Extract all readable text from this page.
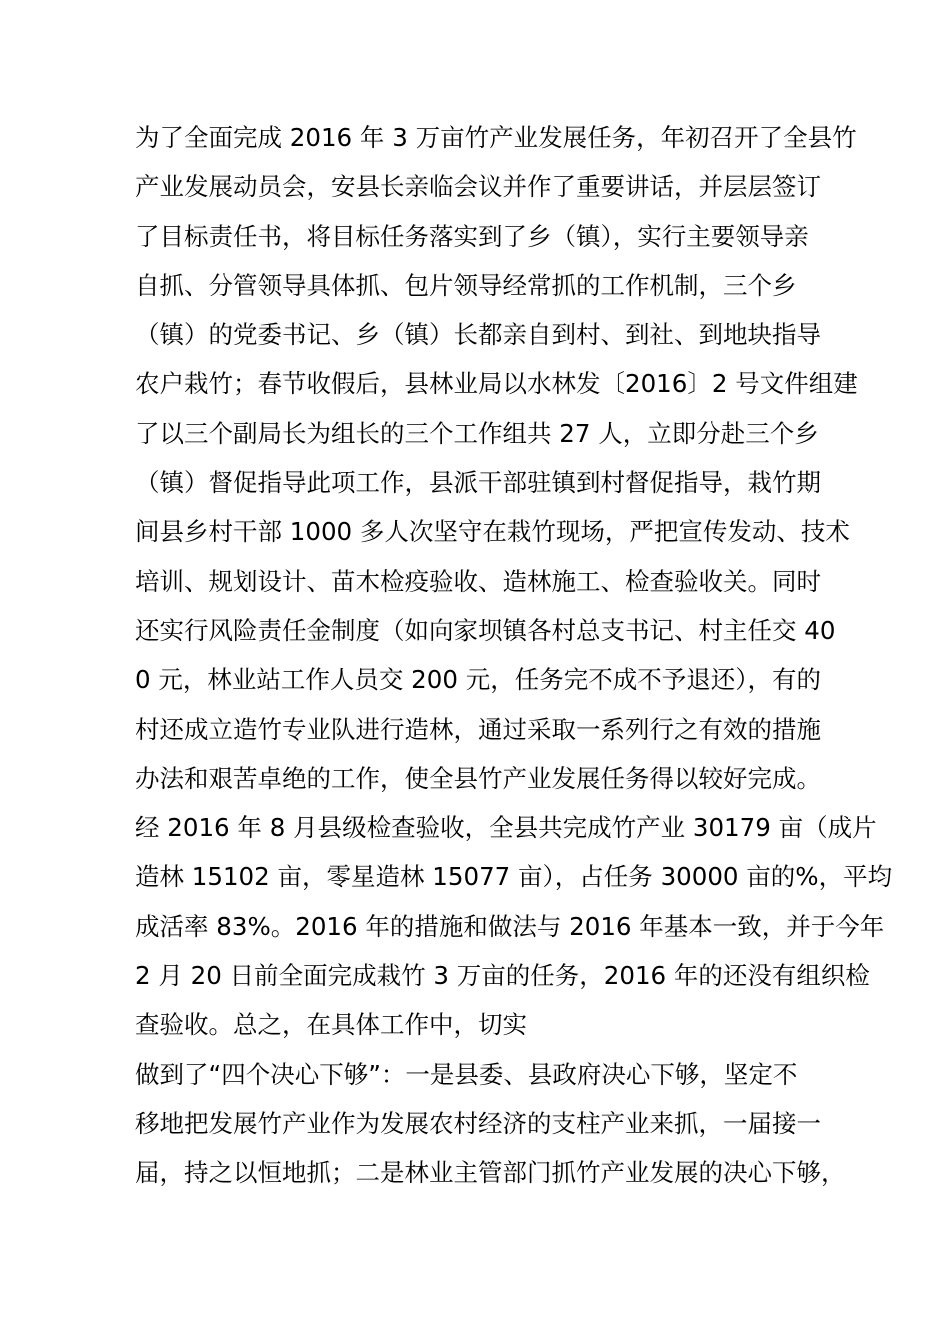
为了全面完成 2016 年 3 万亩竹产业发展任务，年初召开了全县竹
产业发展动员会，安县长亲临会议并作了重要讲话，并层层签订
了目标责任书，将目标任务落实到了乡（镇），实行主要领导亲
自抓、分管领导具体抓、包片领导经常抓的工作机制，三个乡
（镇）的党委书记、乡（镇）长都亲自到村、到社、到地块指导
农户栽竹；春节收假后，县林业局以水林发〔2016〕2 号文件组建
了以三个副局长为组长的三个工作组共 27 人，立即分赴三个乡
（镇）督促指导此项工作，县派干部驻镇到村督促指导，栽竹期
间县乡村干部 1000 多人次坚守在栽竹现场，严把宣传发动、技术
培训、规划设计、苗木检疫验收、造林施工、检查验收关。同时
还实行风险责任金制度（如向家坝镇各村总支书记、村主任交 40
0 元，林业站工作人员交 200 元，任务完不成不予退还），有的
村还成立造竹专业队进行造林，通过采取一系列行之有效的措施
办法和艰苦卓绝的工作，使全县竹产业发展任务得以较好完成。
经 2016 年 8 月县级检查验收，全县共完成竹产业 30179 亩（成片
造林 15102 亩，零星造林 15077 亩），占任务 30000 亩的%，平均
成活率 83%。2016 年的措施和做法与 2016 年基本一致，并于今年
2 月 20 日前全面完成栽竹 3 万亩的任务，2016 年的还没有组织检
查验收。总之，在具体工作中，切实
做到了“四个决心下够”：一是县委、县政府决心下够，坚定不
移地把发展竹产业作为发展农村经济的支柱产业来抓，一届接一
届，持之以恒地抓；二是林业主管部门抓竹产业发展的决心下够，
